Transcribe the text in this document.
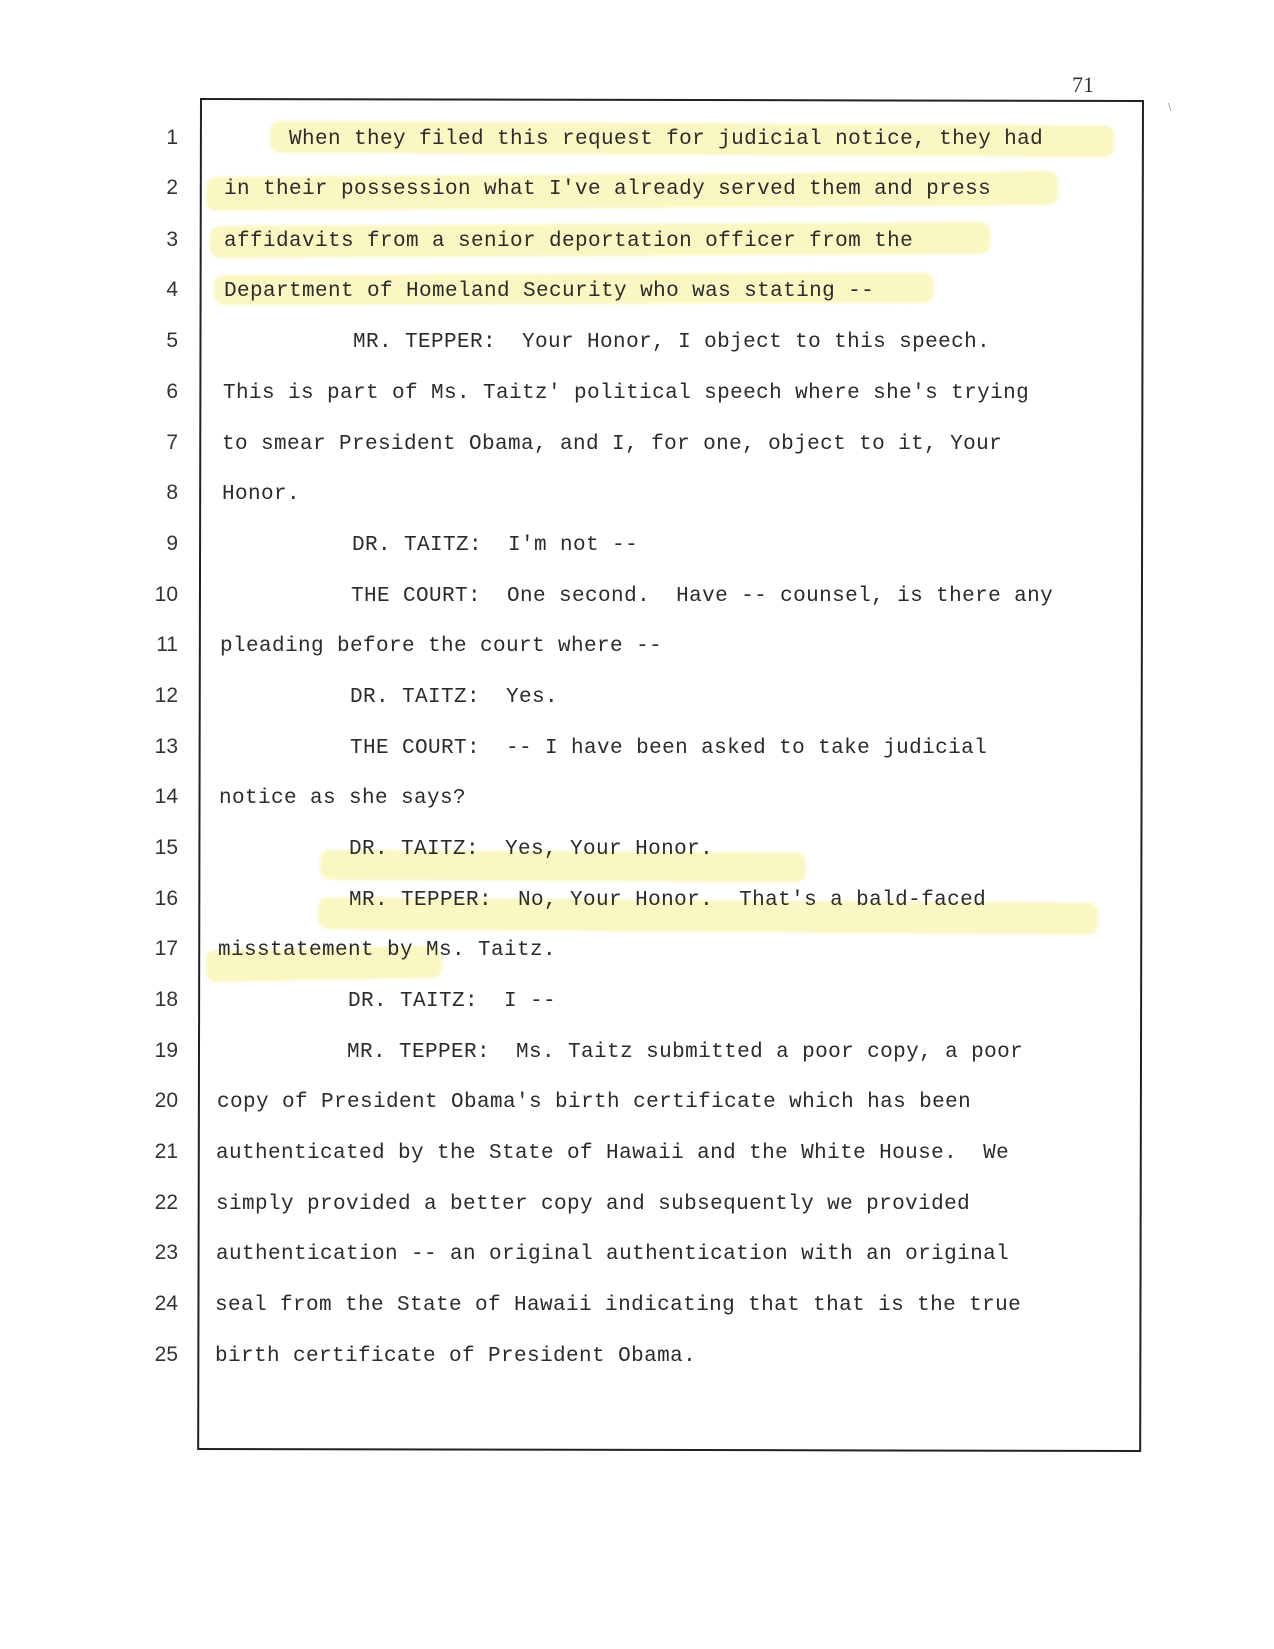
71
\
1
2
3
4
5
6
7
8
9
10
11
12
13
14
15
16
17
18
19
20
21
22
23
24
25
When they filed this request for judicial notice, they had
in their possession what I've already served them and press
affidavits from a senior deportation officer from the
Department of Homeland Security who was stating --
MR. TEPPER:  Your Honor, I object to this speech.
This is part of Ms. Taitz' political speech where she's trying
to smear President Obama, and I, for one, object to it, Your
Honor.
DR. TAITZ:  I'm not --
THE COURT:  One second.  Have -- counsel, is there any
pleading before the court where --
DR. TAITZ:  Yes.
THE COURT:  -- I have been asked to take judicial
notice as she says?
DR. TAITZ:  Yes, Your Honor.
MR. TEPPER:  No, Your Honor.  That's a bald-faced
misstatement by Ms. Taitz.
DR. TAITZ:  I --
MR. TEPPER:  Ms. Taitz submitted a poor copy, a poor
copy of President Obama's birth certificate which has been
authenticated by the State of Hawaii and the White House.  We
simply provided a better copy and subsequently we provided
authentication -- an original authentication with an original
seal from the State of Hawaii indicating that that is the true
birth certificate of President Obama.
